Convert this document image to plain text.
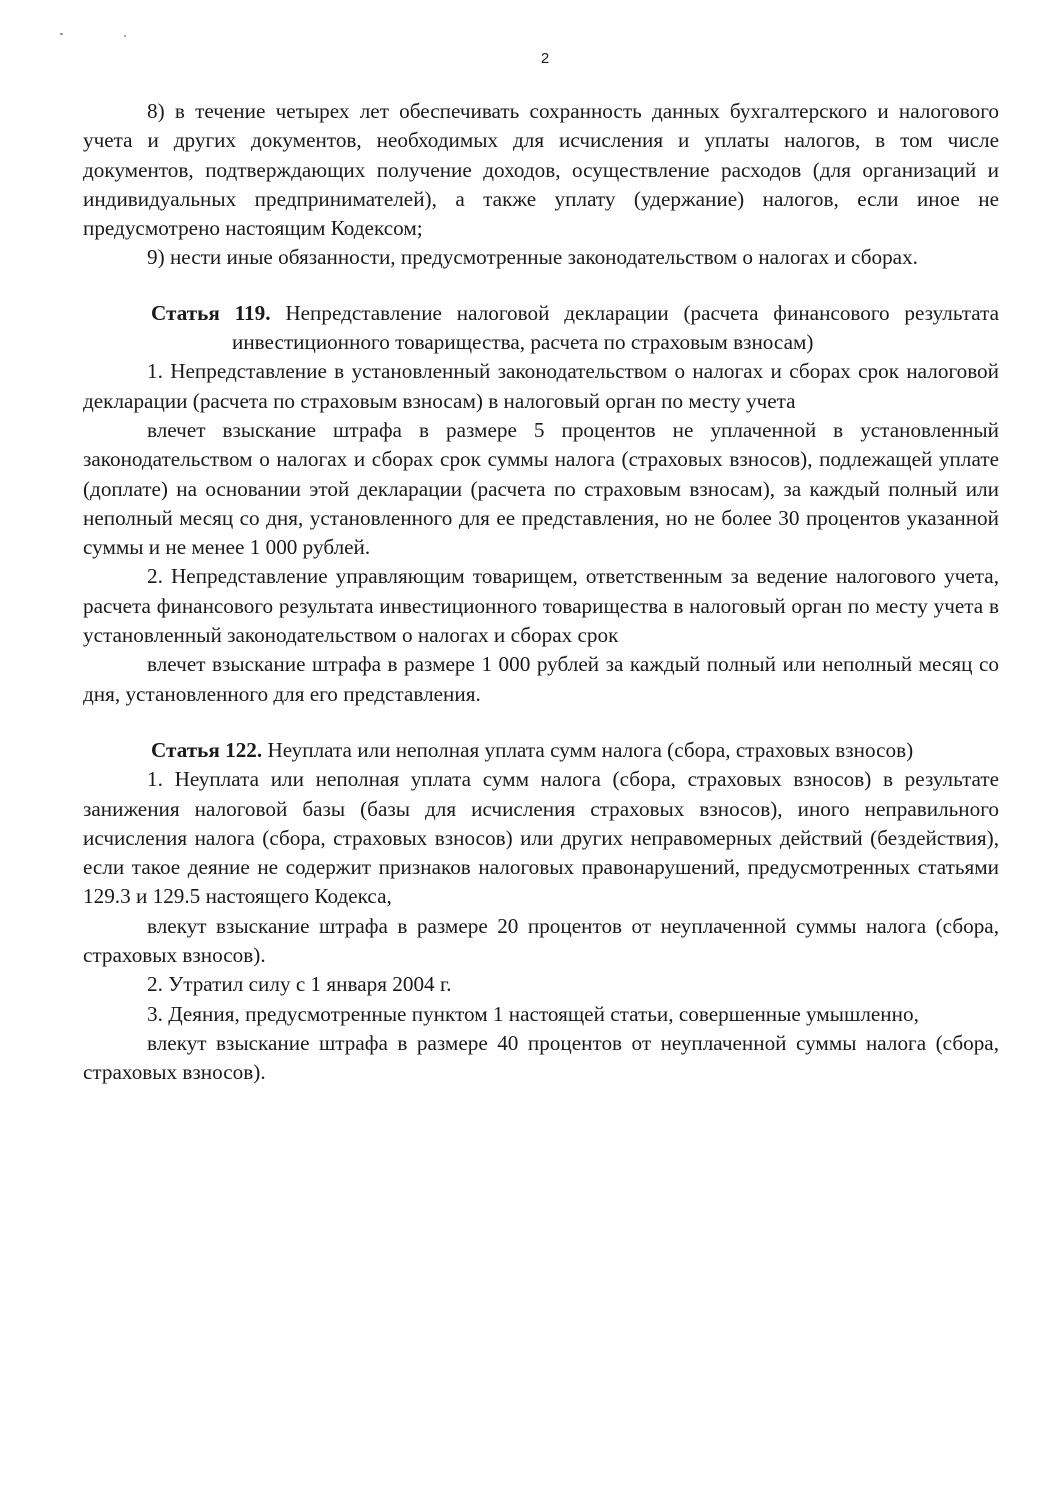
2

8) в течение четырех лет обеспечивать сохранность данных бухгалтерского и налогового учета и других документов, необходимых для исчисления и уплаты налогов, в том числе документов, подтверждающих получение доходов, осуществление расходов (для организаций и индивидуальных предпринимателей), а также уплату (удержание) налогов, если иное не предусмотрено настоящим Кодексом;

9) нести иные обязанности, предусмотренные законодательством о налогах и сборах.

Статья 119. Непредставление налоговой декларации (расчета финансового результата инвестиционного товарищества, расчета по страховым взносам)

1. Непредставление в установленный законодательством о налогах и сборах срок налоговой декларации (расчета по страховым взносам) в налоговый орган по месту учета

влечет взыскание штрафа в размере 5 процентов не уплаченной в установленный законодательством о налогах и сборах срок суммы налога (страховых взносов), подлежащей уплате (доплате) на основании этой декларации (расчета по страховым взносам), за каждый полный или неполный месяц со дня, установленного для ее представления, но не более 30 процентов указанной суммы и не менее 1 000 рублей.

2. Непредставление управляющим товарищем, ответственным за ведение налогового учета, расчета финансового результата инвестиционного товарищества в налоговый орган по месту учета в установленный законодательством о налогах и сборах срок

влечет взыскание штрафа в размере 1 000 рублей за каждый полный или неполный месяц со дня, установленного для его представления.

Статья 122. Неуплата или неполная уплата сумм налога (сбора, страховых взносов)

1. Неуплата или неполная уплата сумм налога (сбора, страховых взносов) в результате занижения налоговой базы (базы для исчисления страховых взносов), иного неправильного исчисления налога (сбора, страховых взносов) или других неправомерных действий (бездействия), если такое деяние не содержит признаков налоговых правонарушений, предусмотренных статьями 129.3 и 129.5 настоящего Кодекса,

влекут взыскание штрафа в размере 20 процентов от неуплаченной суммы налога (сбора, страховых взносов).

2. Утратил силу с 1 января 2004 г.

3. Деяния, предусмотренные пунктом 1 настоящей статьи, совершенные умышленно,

влекут взыскание штрафа в размере 40 процентов от неуплаченной суммы налога (сбора, страховых взносов).
